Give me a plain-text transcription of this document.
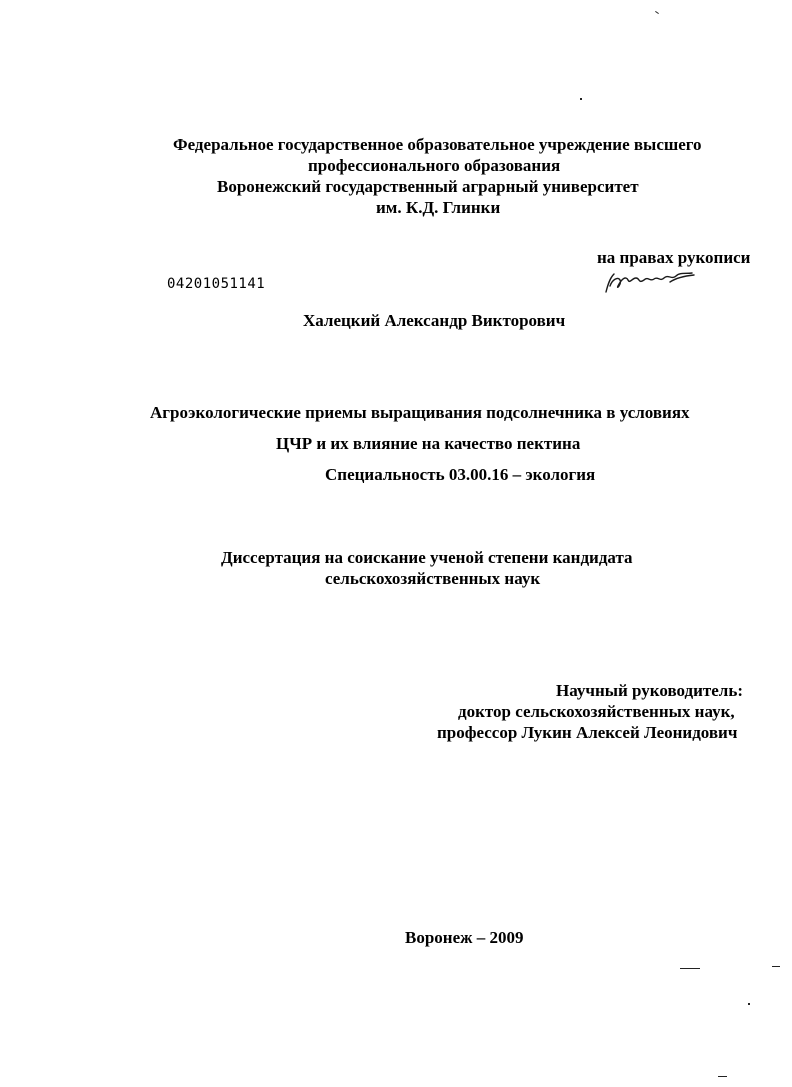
Федеральное государственное образовательное учреждение высшего
профессионального образования
Воронежский государственный аграрный университет
им. К.Д. Глинки
на правах рукописи
04201051141
Халецкий Александр Викторович
Агроэкологические приемы выращивания подсолнечника в условиях
ЦЧР и их влияние на качество пектина
Специальность 03.00.16 – экология
Диссертация на соискание ученой степени кандидата
сельскохозяйственных наук
Научный руководитель:
доктор сельскохозяйственных наук,
профессор Лукин Алексей Леонидович
Воронеж – 2009
